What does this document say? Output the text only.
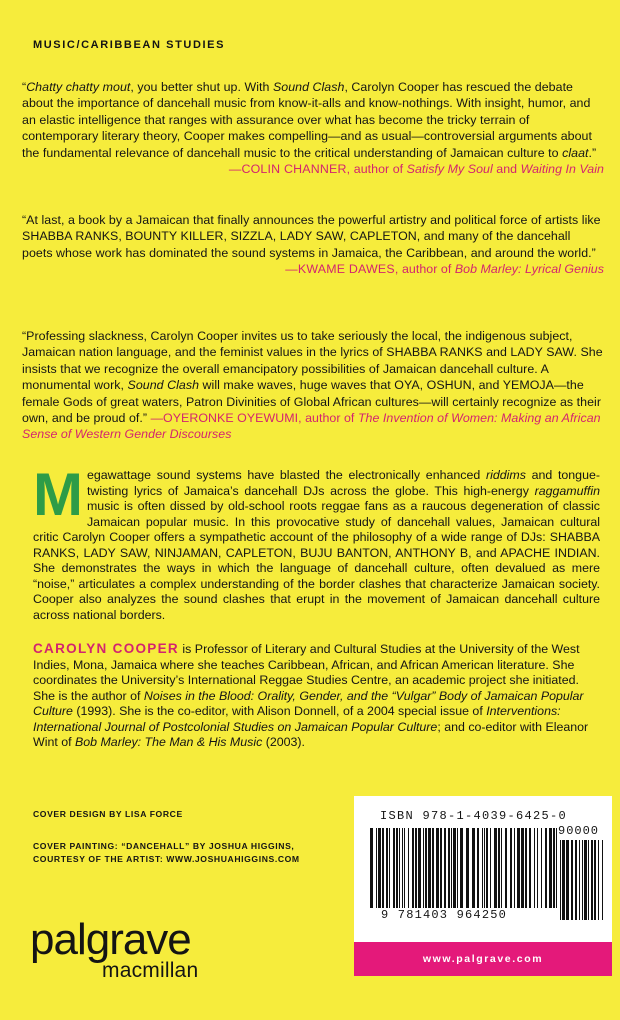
MUSIC/CARIBBEAN STUDIES

“Chatty chatty mout, you better shut up. With Sound Clash, Carolyn Cooper has rescued the debate about the importance of dancehall music from know-it-alls and know-nothings. With insight, humor, and an elastic intelligence that ranges with assurance over what has become the tricky terrain of contemporary literary theory, Cooper makes compelling—and as usual—controversial arguments about the fundamental relevance of dancehall music to the critical understanding of Jamaican culture to claat.”

—COLIN CHANNER, author of Satisfy My Soul and Waiting In Vain

“At last, a book by a Jamaican that finally announces the powerful artistry and political force of artists like SHABBA RANKS, BOUNTY KILLER, SIZZLA, LADY SAW, CAPLETON, and many of the dancehall poets whose work has dominated the sound systems in Jamaica, the Caribbean, and around the world.”

—KWAME DAWES, author of Bob Marley: Lyrical Genius

“Professing slackness, Carolyn Cooper invites us to take seriously the local, the indigenous subject, Jamaican nation language, and the feminist values in the lyrics of SHABBA RANKS and LADY SAW. She insists that we recognize the overall emancipatory possibilities of Jamaican dancehall culture. A monumental work, Sound Clash will make waves, huge waves that OYA, OSHUN, and YEMOJA—the female Gods of great waters, Patron Divinities of Global African cultures—will certainly recognize as their own, and be proud of.” —OYERONKE OYEWUMI, author of The Invention of Women: Making an African Sense of Western Gender Discourses

Megawattage sound systems have blasted the electronically enhanced riddims and tongue-twisting lyrics of Jamaica’s dancehall DJs across the globe. This high-energy raggamuffin music is often dissed by old-school roots reggae fans as a raucous degeneration of classic Jamaican popular music. In this provocative study of dancehall values, Jamaican cultural critic Carolyn Cooper offers a sympathetic account of the philosophy of a wide range of DJs: SHABBA RANKS, LADY SAW, NINJAMAN, CAPLETON, BUJU BANTON, ANTHONY B, and APACHE INDIAN. She demonstrates the ways in which the language of dancehall culture, often devalued as mere “noise,” articulates a complex understanding of the border clashes that characterize Jamaican society. Cooper also analyzes the sound clashes that erupt in the movement of Jamaican dancehall culture across national borders.
CAROLYN COOPER is Professor of Literary and Cultural Studies at the University of the West Indies, Mona, Jamaica where she teaches Caribbean, African, and African American literature. She coordinates the University’s International Reggae Studies Centre, an academic project she initiated. She is the author of Noises in the Blood: Orality, Gender, and the “Vulgar” Body of Jamaican Popular Culture (1993). She is the co-editor, with Alison Donnell, of a 2004 special issue of Interventions: International Journal of Postcolonial Studies on Jamaican Popular Culture; and co-editor with Eleanor Wint of Bob Marley: The Man & His Music (2003).
COVER DESIGN BY LISA FORCE
COVER PAINTING: “DANCEHALL” BY JOSHUA HIGGINS,
COURTESY OF THE ARTIST: WWW.JOSHUAHIGGINS.COM
palgrave
macmillan
ISBN 978-1-4039-6425-0
9 781403 964250
90000
www.palgrave.com
